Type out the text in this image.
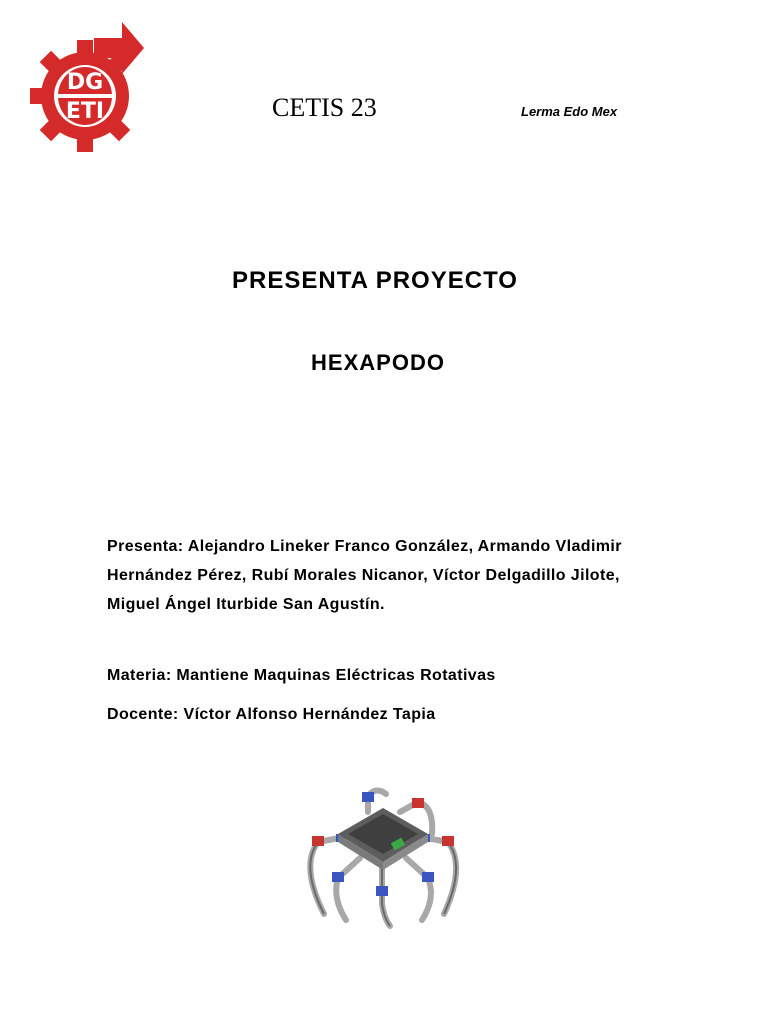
DG
ETI	CETIS 23	Lerma Edo Mex
PRESENTA PROYECTO
HEXAPODO
Presenta: Alejandro Lineker Franco González, Armando Vladimir Hernández Pérez, Rubí Morales Nicanor, Víctor Delgadillo Jilote, Miguel Ángel Iturbide San Agustín.
Materia: Mantiene Maquinas Eléctricas Rotativas
Docente: Víctor Alfonso Hernández Tapia
